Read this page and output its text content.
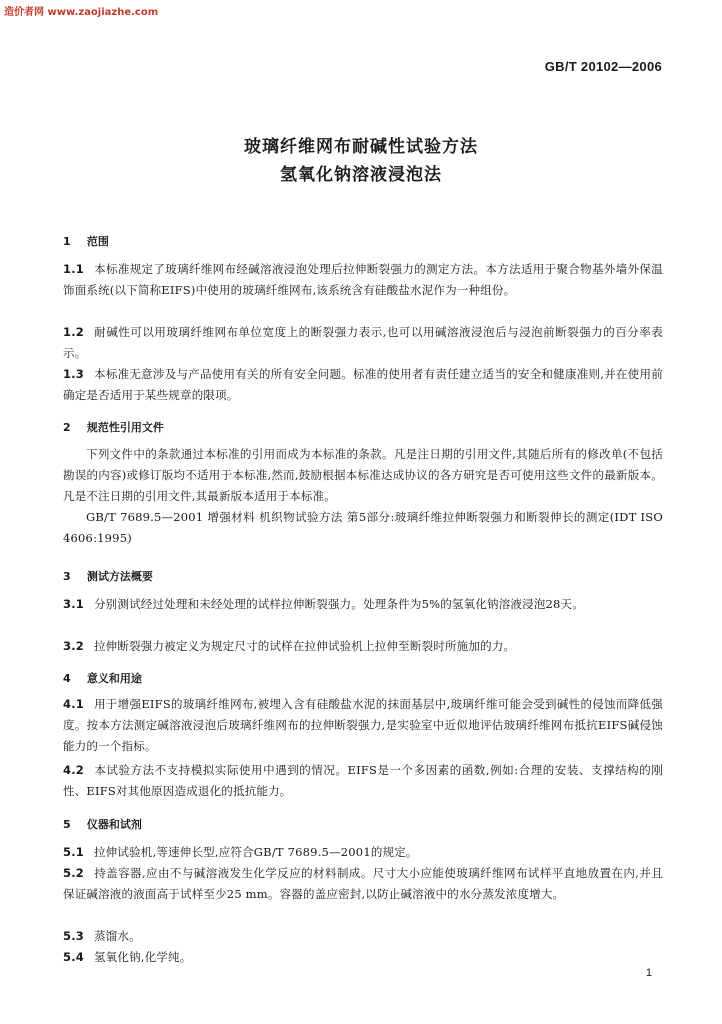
造价者网 www.zaojiazhe.com
GB/T 20102—2006
玻璃纤维网布耐碱性试验方法
氢氧化钠溶液浸泡法
1 范围
1.1 本标准规定了玻璃纤维网布经碱溶液浸泡处理后拉伸断裂强力的测定方法。本方法适用于聚合物基外墙外保温饰面系统(以下简称EIFS)中使用的玻璃纤维网布,该系统含有硅酸盐水泥作为一种组份。
1.2 耐碱性可以用玻璃纤维网布单位宽度上的断裂强力表示,也可以用碱溶液浸泡后与浸泡前断裂强力的百分率表示。
1.3 本标准无意涉及与产品使用有关的所有安全问题。标准的使用者有责任建立适当的安全和健康准则,并在使用前确定是否适用于某些规章的限项。
2 规范性引用文件
下列文件中的条款通过本标准的引用而成为本标准的条款。凡是注日期的引用文件,其随后所有的修改单(不包括勘误的内容)或修订版均不适用于本标准,然而,鼓励根据本标准达成协议的各方研究是否可使用这些文件的最新版本。凡是不注日期的引用文件,其最新版本适用于本标准。
GB/T 7689.5—2001 增强材料 机织物试验方法 第5部分:玻璃纤维拉伸断裂强力和断裂伸长的测定(IDT ISO 4606:1995)
3 测试方法概要
3.1 分别测试经过处理和未经处理的试样拉伸断裂强力。处理条件为5%的氢氧化钠溶液浸泡28天。
3.2 拉伸断裂强力被定义为规定尺寸的试样在拉伸试验机上拉伸至断裂时所施加的力。
4 意义和用途
4.1 用于增强EIFS的玻璃纤维网布,被埋入含有硅酸盐水泥的抹面基层中,玻璃纤维可能会受到碱性的侵蚀而降低强度。按本方法测定碱溶液浸泡后玻璃纤维网布的拉伸断裂强力,是实验室中近似地评估玻璃纤维网布抵抗EIFS碱侵蚀能力的一个指标。
4.2 本试验方法不支持模拟实际使用中遇到的情况。EIFS是一个多因素的函数,例如:合理的安装、支撑结构的刚性、EIFS对其他原因造成退化的抵抗能力。
5 仪器和试剂
5.1 拉伸试验机,等速伸长型,应符合GB/T 7689.5—2001的规定。
5.2 持盖容器,应由不与碱溶液发生化学反应的材料制成。尺寸大小应能使玻璃纤维网布试样平直地放置在内,并且保证碱溶液的液面高于试样至少25 mm。容器的盖应密封,以防止碱溶液中的水分蒸发浓度增大。
5.3 蒸馏水。
5.4 氢氧化钠,化学纯。
1
